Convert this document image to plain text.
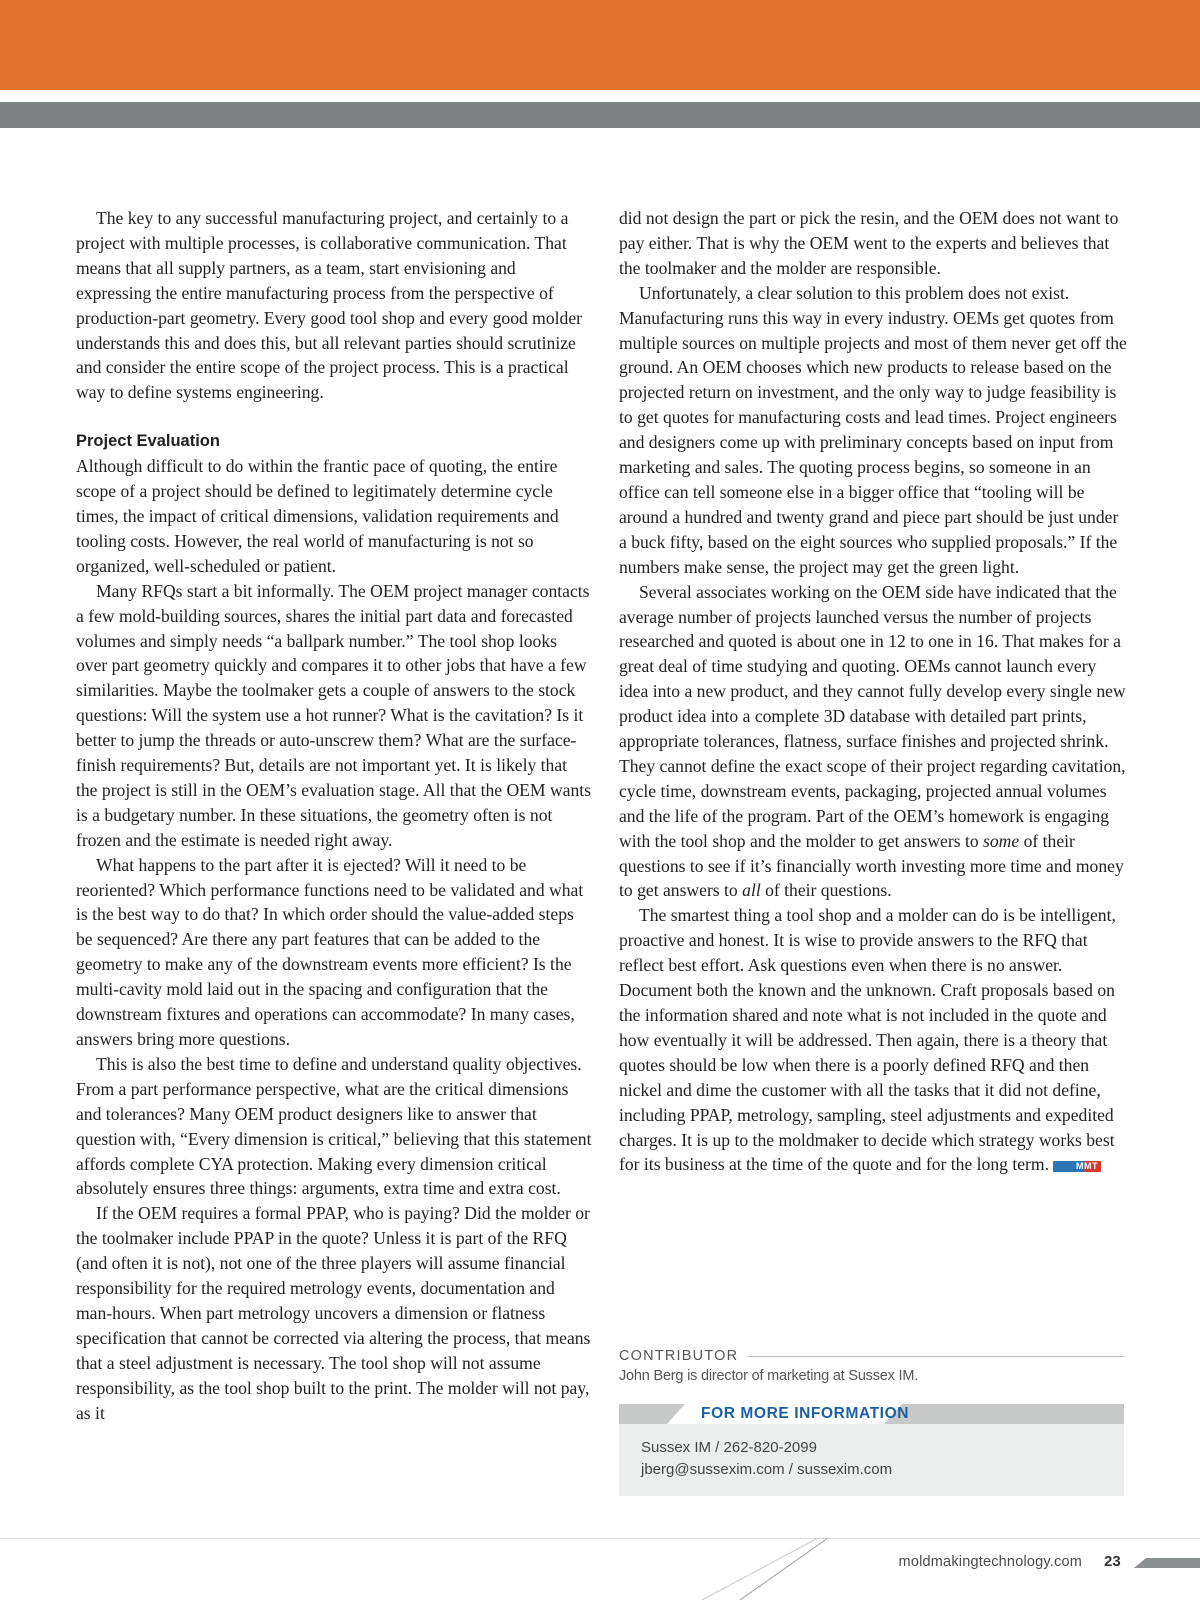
The key to any successful manufacturing project, and certainly to a project with multiple processes, is collaborative communication. That means that all supply partners, as a team, start envisioning and expressing the entire manufacturing process from the perspective of production-part geometry. Every good tool shop and every good molder understands this and does this, but all relevant parties should scrutinize and consider the entire scope of the project process. This is a practical way to define systems engineering.

Project Evaluation

Although difficult to do within the frantic pace of quoting, the entire scope of a project should be defined to legitimately determine cycle times, the impact of critical dimensions, validation requirements and tooling costs. However, the real world of manufacturing is not so organized, well-scheduled or patient.

Many RFQs start a bit informally. The OEM project manager contacts a few mold-building sources, shares the initial part data and forecasted volumes and simply needs “a ballpark number.” The tool shop looks over part geometry quickly and compares it to other jobs that have a few similarities. Maybe the toolmaker gets a couple of answers to the stock questions: Will the system use a hot runner? What is the cavitation? Is it better to jump the threads or auto-unscrew them? What are the surface-finish requirements? But, details are not important yet. It is likely that the project is still in the OEM’s evaluation stage. All that the OEM wants is a budgetary number. In these situations, the geometry often is not frozen and the estimate is needed right away.

What happens to the part after it is ejected? Will it need to be reoriented? Which performance functions need to be validated and what is the best way to do that? In which order should the value-added steps be sequenced? Are there any part features that can be added to the geometry to make any of the downstream events more efficient? Is the multi-cavity mold laid out in the spacing and configuration that the downstream fixtures and operations can accommodate? In many cases, answers bring more questions.

This is also the best time to define and understand quality objectives. From a part performance perspective, what are the critical dimensions and tolerances? Many OEM product designers like to answer that question with, “Every dimension is critical,” believing that this statement affords complete CYA protection. Making every dimension critical absolutely ensures three things: arguments, extra time and extra cost.

If the OEM requires a formal PPAP, who is paying? Did the molder or the toolmaker include PPAP in the quote? Unless it is part of the RFQ (and often it is not), not one of the three players will assume financial responsibility for the required metrology events, documentation and man-hours. When part metrology uncovers a dimension or flatness specification that cannot be corrected via altering the process, that means that a steel adjustment is necessary. The tool shop will not assume responsibility, as the tool shop built to the print. The molder will not pay, as it

did not design the part or pick the resin, and the OEM does not want to pay either. That is why the OEM went to the experts and believes that the toolmaker and the molder are responsible.

Unfortunately, a clear solution to this problem does not exist. Manufacturing runs this way in every industry. OEMs get quotes from multiple sources on multiple projects and most of them never get off the ground. An OEM chooses which new products to release based on the projected return on investment, and the only way to judge feasibility is to get quotes for manufacturing costs and lead times. Project engineers and designers come up with preliminary concepts based on input from marketing and sales. The quoting process begins, so someone in an office can tell someone else in a bigger office that “tooling will be around a hundred and twenty grand and piece part should be just under a buck fifty, based on the eight sources who supplied proposals.” If the numbers make sense, the project may get the green light.

Several associates working on the OEM side have indicated that the average number of projects launched versus the number of projects researched and quoted is about one in 12 to one in 16. That makes for a great deal of time studying and quoting. OEMs cannot launch every idea into a new product, and they cannot fully develop every single new product idea into a complete 3D database with detailed part prints, appropriate tolerances, flatness, surface finishes and projected shrink. They cannot define the exact scope of their project regarding cavitation, cycle time, downstream events, packaging, projected annual volumes and the life of the program. Part of the OEM’s homework is engaging with the tool shop and the molder to get answers to some of their questions to see if it’s financially worth investing more time and money to get answers to all of their questions.

The smartest thing a tool shop and a molder can do is be intelligent, proactive and honest. It is wise to provide answers to the RFQ that reflect best effort. Ask questions even when there is no answer. Document both the known and the unknown. Craft proposals based on the information shared and note what is not included in the quote and how eventually it will be addressed. Then again, there is a theory that quotes should be low when there is a poorly defined RFQ and then nickel and dime the customer with all the tasks that it did not define, including PPAP, metrology, sampling, steel adjustments and expedited charges. It is up to the moldmaker to decide which strategy works best for its business at the time of the quote and for the long term.	MMT

CONTRIBUTOR
John Berg is director of marketing at Sussex IM.
FOR MORE INFORMATION
Sussex IM / 262-820-2099
jberg@sussexim.com / sussexim.com
moldmakingtechnology.com 23
